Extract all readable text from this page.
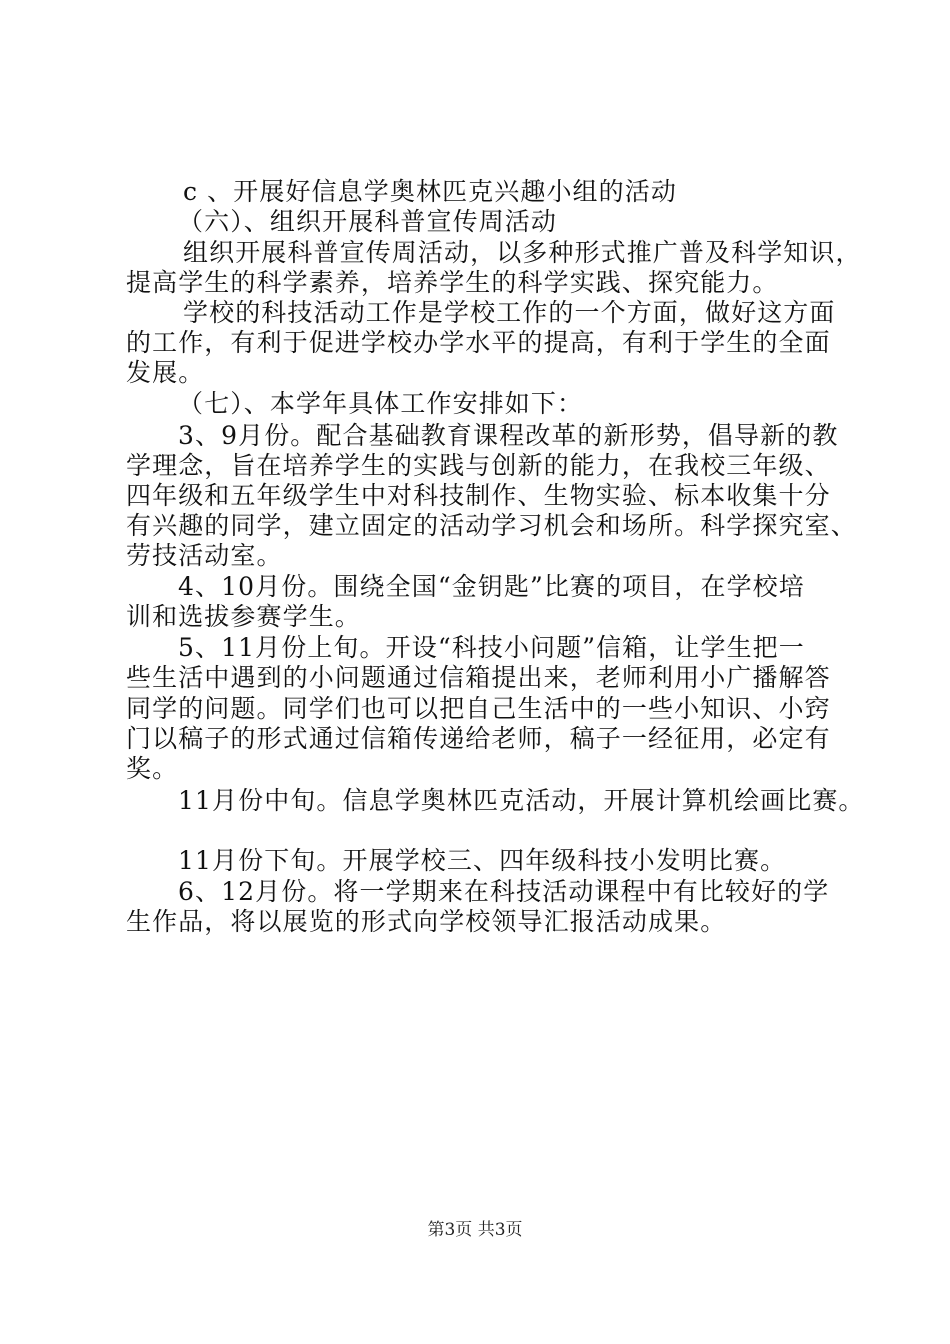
c 、开展好信息学奥林匹克兴趣小组的活动
（六）、组织开展科普宣传周活动
组织开展科普宣传周活动，以多种形式推广普及科学知识，
提高学生的科学素养，培养学生的科学实践、探究能力。
学校的科技活动工作是学校工作的一个方面，做好这方面
的工作，有利于促进学校办学水平的提高，有利于学生的全面
发展。
（七）、本学年具体工作安排如下：
3、9月份。配合基础教育课程改革的新形势，倡导新的教
学理念，旨在培养学生的实践与创新的能力，在我校三年级、
四年级和五年级学生中对科技制作、生物实验、标本收集十分
有兴趣的同学，建立固定的活动学习机会和场所。科学探究室、
劳技活动室。
4、10月份。围绕全国“金钥匙”比赛的项目，在学校培
训和选拔参赛学生。
5、11月份上旬。开设“科技小问题”信箱，让学生把一
些生活中遇到的小问题通过信箱提出来，老师利用小广播解答
同学的问题。同学们也可以把自己生活中的一些小知识、小窍
门以稿子的形式通过信箱传递给老师，稿子一经征用，必定有
奖。
11月份中旬。信息学奥林匹克活动，开展计算机绘画比赛。
11月份下旬。开展学校三、四年级科技小发明比赛。
6、12月份。将一学期来在科技活动课程中有比较好的学
生作品，将以展览的形式向学校领导汇报活动成果。
第3页 共3页
